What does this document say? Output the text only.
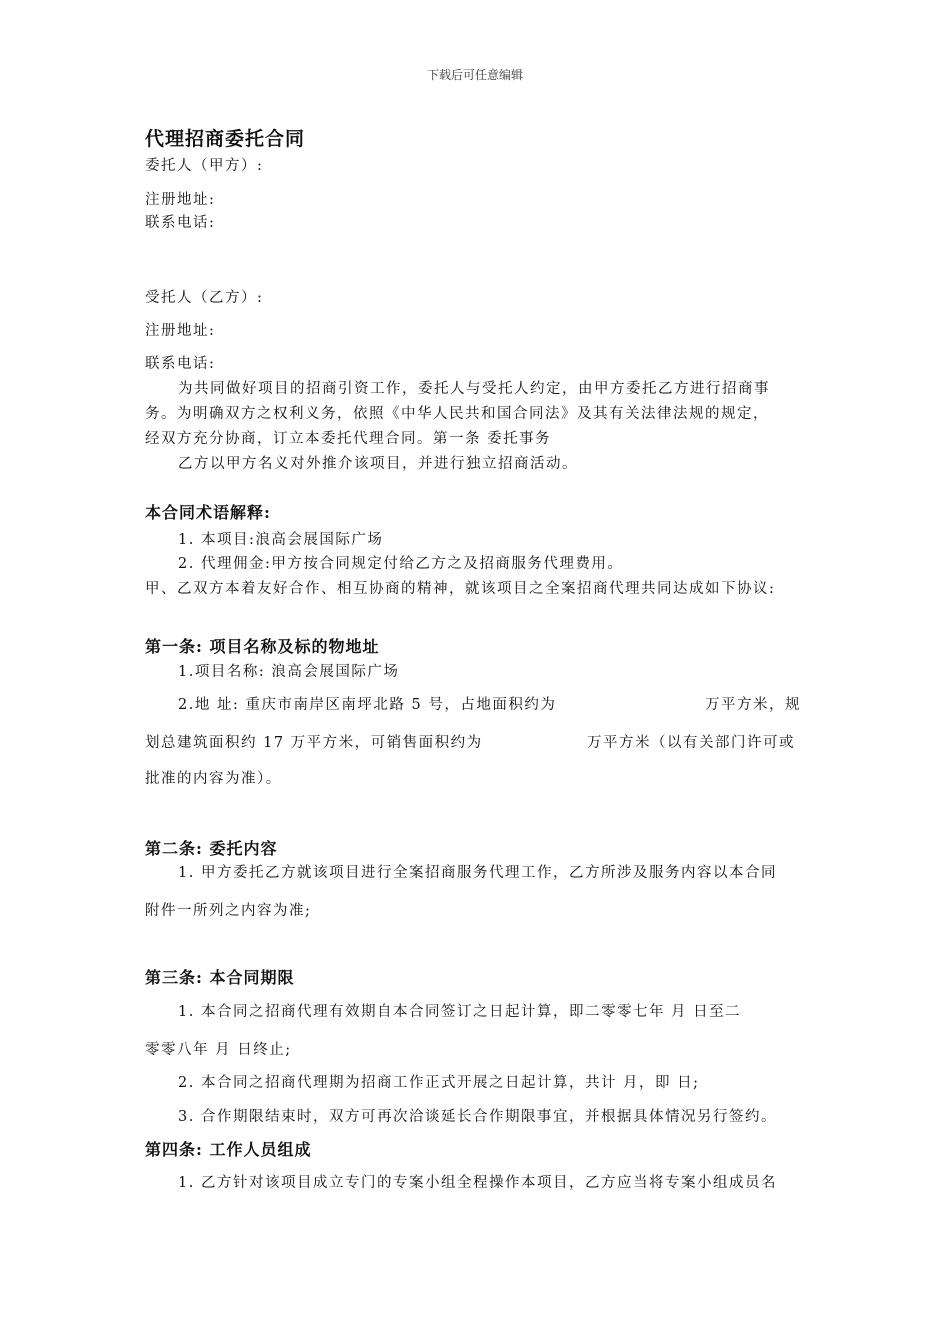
下载后可任意编辑
代理招商委托合同
委托人（甲方）:
注册地址:
联系电话:
受托人（乙方）:
注册地址:
联系电话:
为共同做好项目的招商引资工作，委托人与受托人约定，由甲方委托乙方进行招商事
务。为明确双方之权利义务，依照《中华人民共和国合同法》及其有关法律法规的规定，
经双方充分协商，订立本委托代理合同。第一条 委托事务
乙方以甲方名义对外推介该项目，并进行独立招商活动。
本合同术语解释:
1. 本项目:浪高会展国际广场
2. 代理佣金:甲方按合同规定付给乙方之及招商服务代理费用。
甲、乙双方本着友好合作、相互协商的精神，就该项目之全案招商代理共同达成如下协议:
第一条: 项目名称及标的物地址
1.项目名称: 浪高会展国际广场
2.地 址: 重庆市南岸区南坪北路 5 号，占地面积约为	万平方米，规
划总建筑面积约 17 万平方米，可销售面积约为	万平方米（以有关部门许可或
批准的内容为准）。
第二条: 委托内容
1. 甲方委托乙方就该项目进行全案招商服务代理工作，乙方所涉及服务内容以本合同
附件一所列之内容为准;
第三条: 本合同期限
1. 本合同之招商代理有效期自本合同签订之日起计算，即二零零七年 月 日至二
零零八年 月 日终止;
2. 本合同之招商代理期为招商工作正式开展之日起计算，共计 月，即 日;
3. 合作期限结束时，双方可再次洽谈延长合作期限事宜，并根据具体情况另行签约。
第四条: 工作人员组成
1. 乙方针对该项目成立专门的专案小组全程操作本项目，乙方应当将专案小组成员名
